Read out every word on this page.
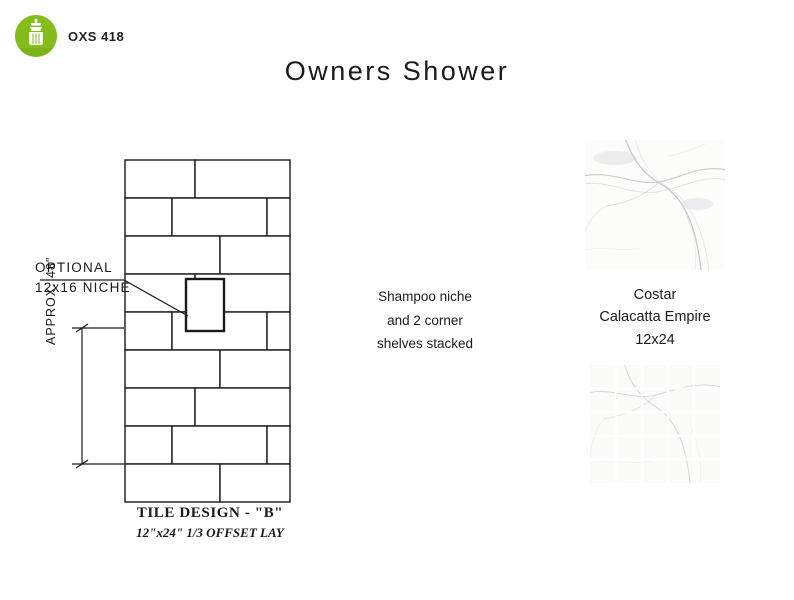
OXS 418
Owners Shower
OPTIONAL
12x16 NICHE
APPROX. 48"
TILE DESIGN - "B"
12"x24" 1/3 OFFSET LAY
Shampoo niche
and 2 corner
shelves stacked
Costar
Calacatta Empire
12x24
